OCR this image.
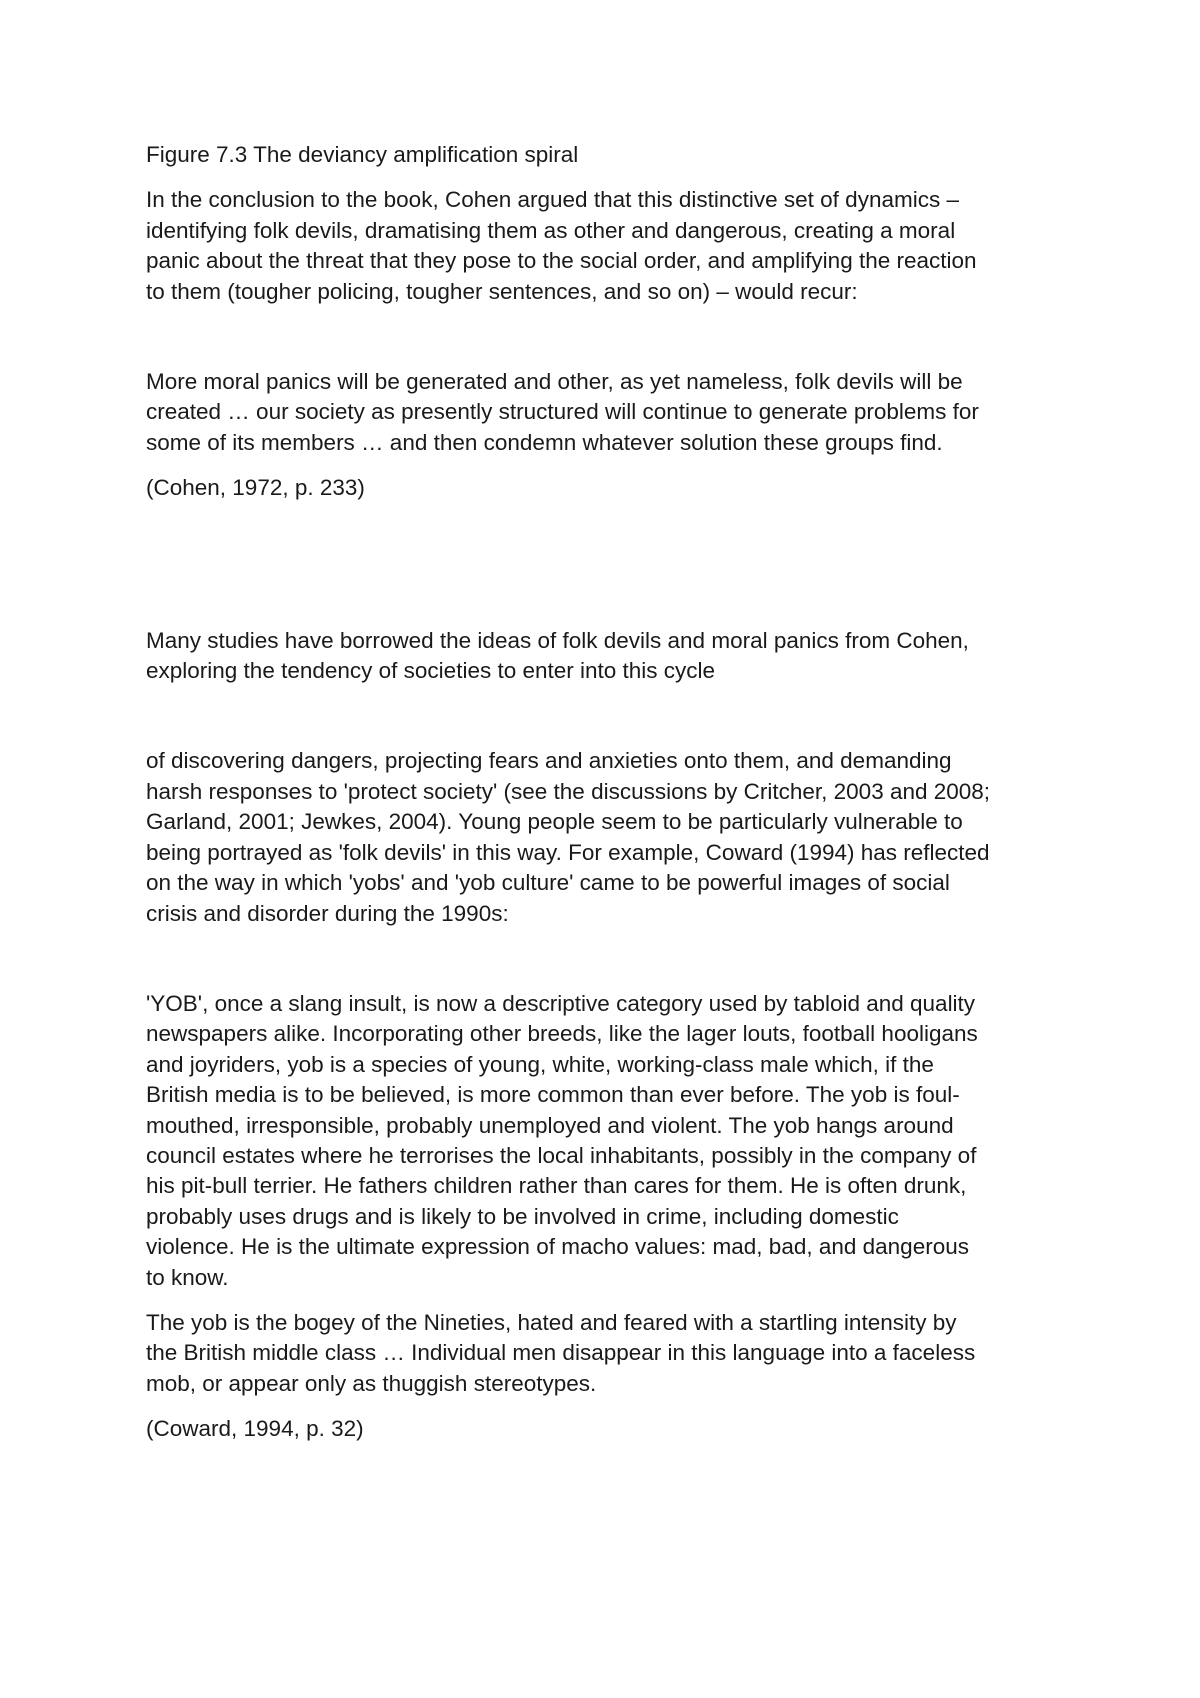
Figure 7.3 The deviancy amplification spiral

In the conclusion to the book, Cohen argued that this distinctive set of dynamics –
identifying folk devils, dramatising them as other and dangerous, creating a moral
panic about the threat that they pose to the social order, and amplifying the reaction
to them (tougher policing, tougher sentences, and so on) – would recur:

More moral panics will be generated and other, as yet nameless, folk devils will be
created … our society as presently structured will continue to generate problems for
some of its members … and then condemn whatever solution these groups find.

(Cohen, 1972, p. 233)

Many studies have borrowed the ideas of folk devils and moral panics from Cohen,
exploring the tendency of societies to enter into this cycle

of discovering dangers, projecting fears and anxieties onto them, and demanding
harsh responses to 'protect society' (see the discussions by Critcher, 2003 and 2008;
Garland, 2001; Jewkes, 2004). Young people seem to be particularly vulnerable to
being portrayed as 'folk devils' in this way. For example, Coward (1994) has reflected
on the way in which 'yobs' and 'yob culture' came to be powerful images of social
crisis and disorder during the 1990s:

'YOB', once a slang insult, is now a descriptive category used by tabloid and quality
newspapers alike. Incorporating other breeds, like the lager louts, football hooligans
and joyriders, yob is a species of young, white, working-class male which, if the
British media is to be believed, is more common than ever before. The yob is foul-
mouthed, irresponsible, probably unemployed and violent. The yob hangs around
council estates where he terrorises the local inhabitants, possibly in the company of
his pit-bull terrier. He fathers children rather than cares for them. He is often drunk,
probably uses drugs and is likely to be involved in crime, including domestic
violence. He is the ultimate expression of macho values: mad, bad, and dangerous
to know.

The yob is the bogey of the Nineties, hated and feared with a startling intensity by
the British middle class … Individual men disappear in this language into a faceless
mob, or appear only as thuggish stereotypes.

(Coward, 1994, p. 32)
